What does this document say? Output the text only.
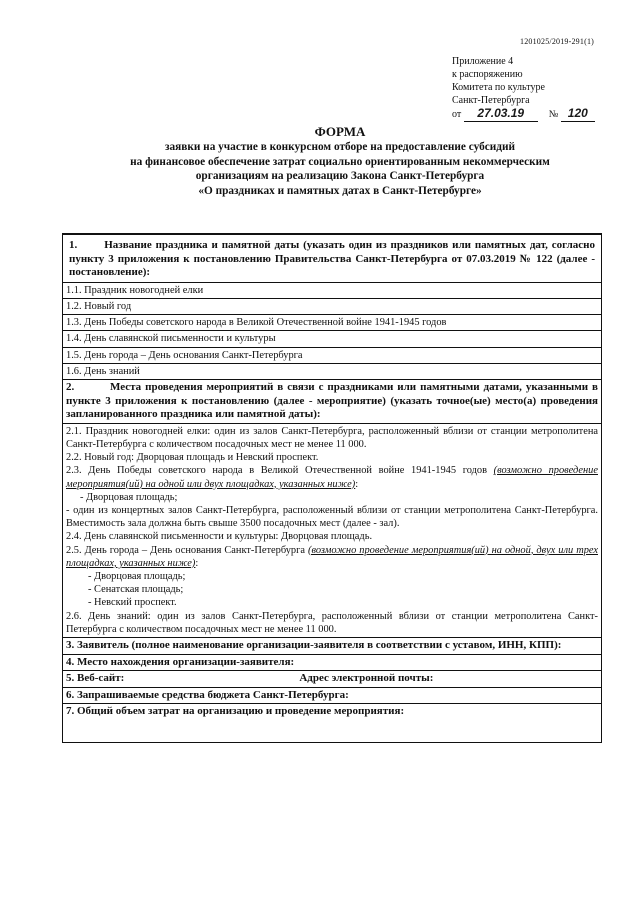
1201025/2019-291(1)
Приложение 4
к распоряжению
Комитета по культуре
Санкт-Петербурга
от 27.03.19 № 120
ФОРМА
заявки на участие в конкурсном отборе на предоставление субсидий
на финансовое обеспечение затрат социально ориентированным некоммерческим
организациям на реализацию Закона Санкт-Петербурга
«О праздниках и памятных датах в Санкт-Петербурге»
1. Название праздника и памятной даты (указать один из праздников или памятных дат, согласно пункту 3 приложения к постановлению Правительства Санкт-Петербурга от 07.03.2019 № 122 (далее - постановление):
1.1. Праздник новогодней елки
1.2. Новый год
1.3. День Победы советского народа в Великой Отечественной войне 1941-1945 годов
1.4. День славянской письменности и культуры
1.5. День города – День основания Санкт-Петербурга
1.6. День знаний
2.	Места проведения мероприятий в связи с праздниками или памятными датами, указанными в пункте 3 приложения к постановлению (далее - мероприятие) (указать точное(ые) место(а) проведения запланированного праздника или памятной даты):

2.1. Праздник новогодней елки: один из залов Санкт-Петербурга, расположенный вблизи от станции метрополитена Санкт-Петербурга с количеством посадочных мест не менее 11 000.
2.2. Новый год: Дворцовая площадь и Невский проспект.
2.3. День Победы советского народа в Великой Отечественной войне 1941-1945 годов (возможно проведение мероприятия(ий) на одной или двух площадках, указанных ниже):
- Дворцовая площадь;
- один из концертных залов Санкт-Петербурга, расположенный вблизи от станции метрополитена Санкт-Петербурга. Вместимость зала должна быть свыше 3500 посадочных мест (далее - зал).
2.4. День славянской письменности и культуры: Дворцовая площадь.
2.5. День города – День основания Санкт-Петербурга (возможно проведение мероприятия(ий) на одной, двух или трех площадках, указанных ниже):
- Дворцовая площадь;
- Сенатская площадь;
- Невский проспект.
2.6. День знаний: один из залов Санкт-Петербурга, расположенный вблизи от станции метрополитена Санкт-Петербурга с количеством посадочных мест не менее 11 000.

3. Заявитель (полное наименование организации-заявителя в соответствии с уставом, ИНН, КПП):
4. Место нахождения организации-заявителя:
5. Веб-сайт:	Адрес электронной почты:
6. Запрашиваемые средства бюджета Санкт-Петербурга:
7. Общий объем затрат на организацию и проведение мероприятия:
